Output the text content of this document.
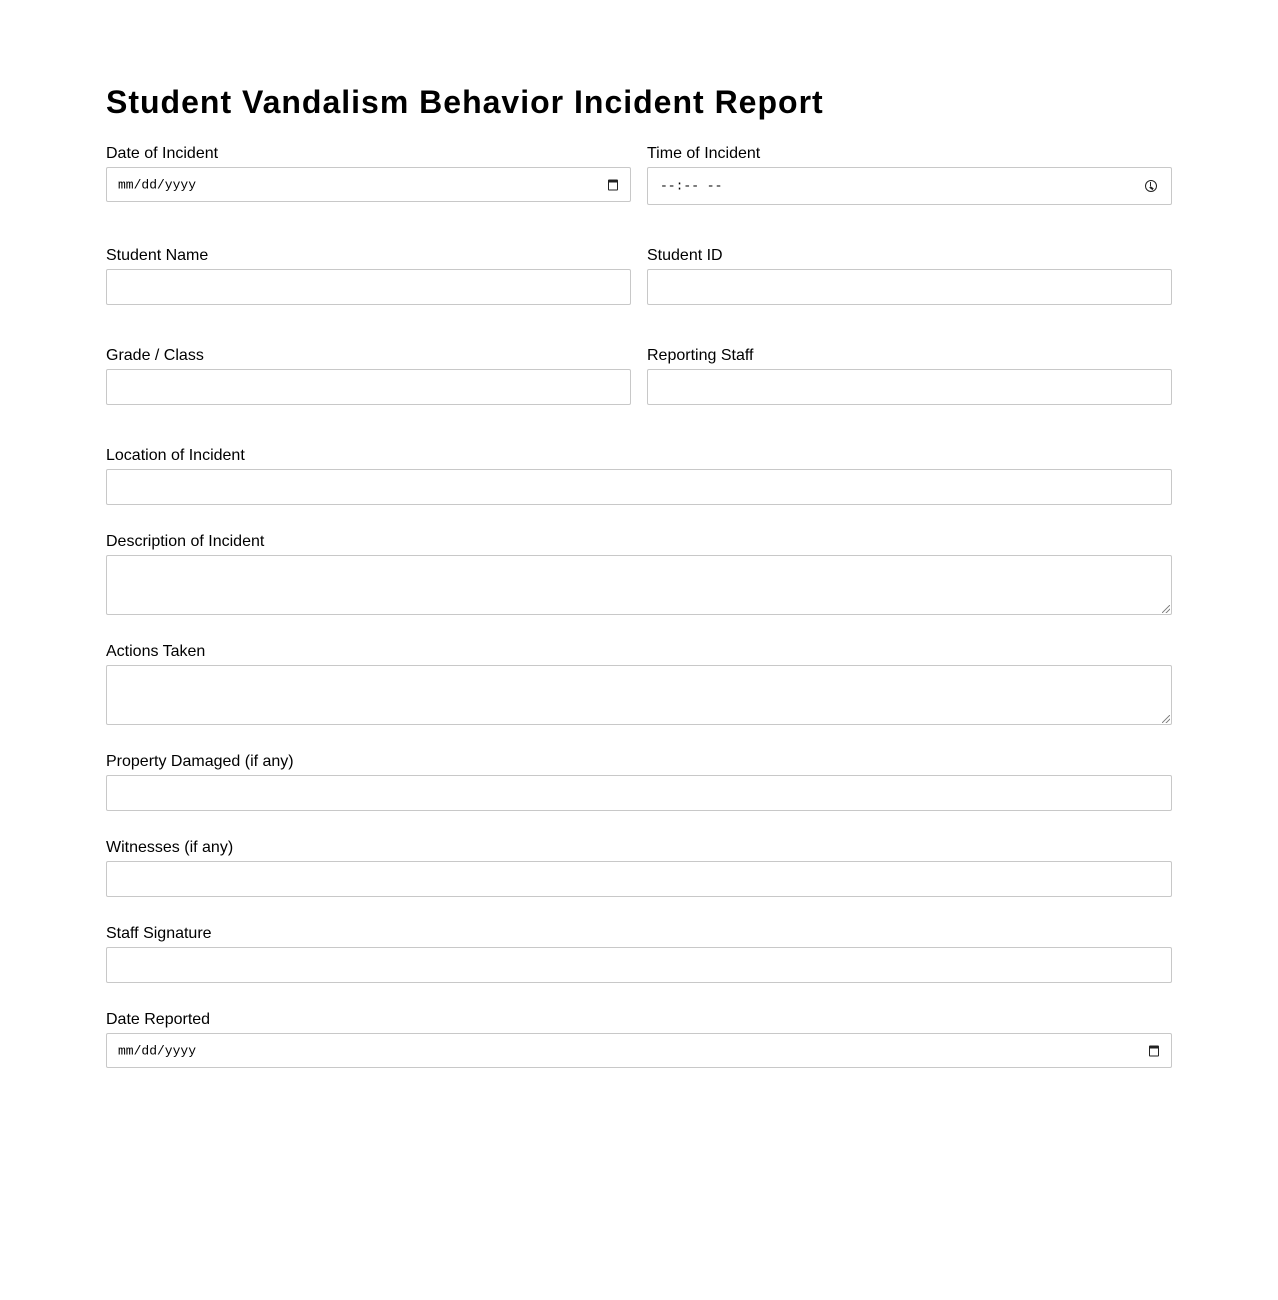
Student Vandalism Behavior Incident Report
Date of Incident
mm/dd/yyyy
Time of Incident
--:-- --
Student Name	Student ID
Grade / Class	Reporting Staff
Location of Incident
Description of Incident
Actions Taken
Property Damaged (if any)
Witnesses (if any)
Staff Signature
Date Reported
mm/dd/yyyy
